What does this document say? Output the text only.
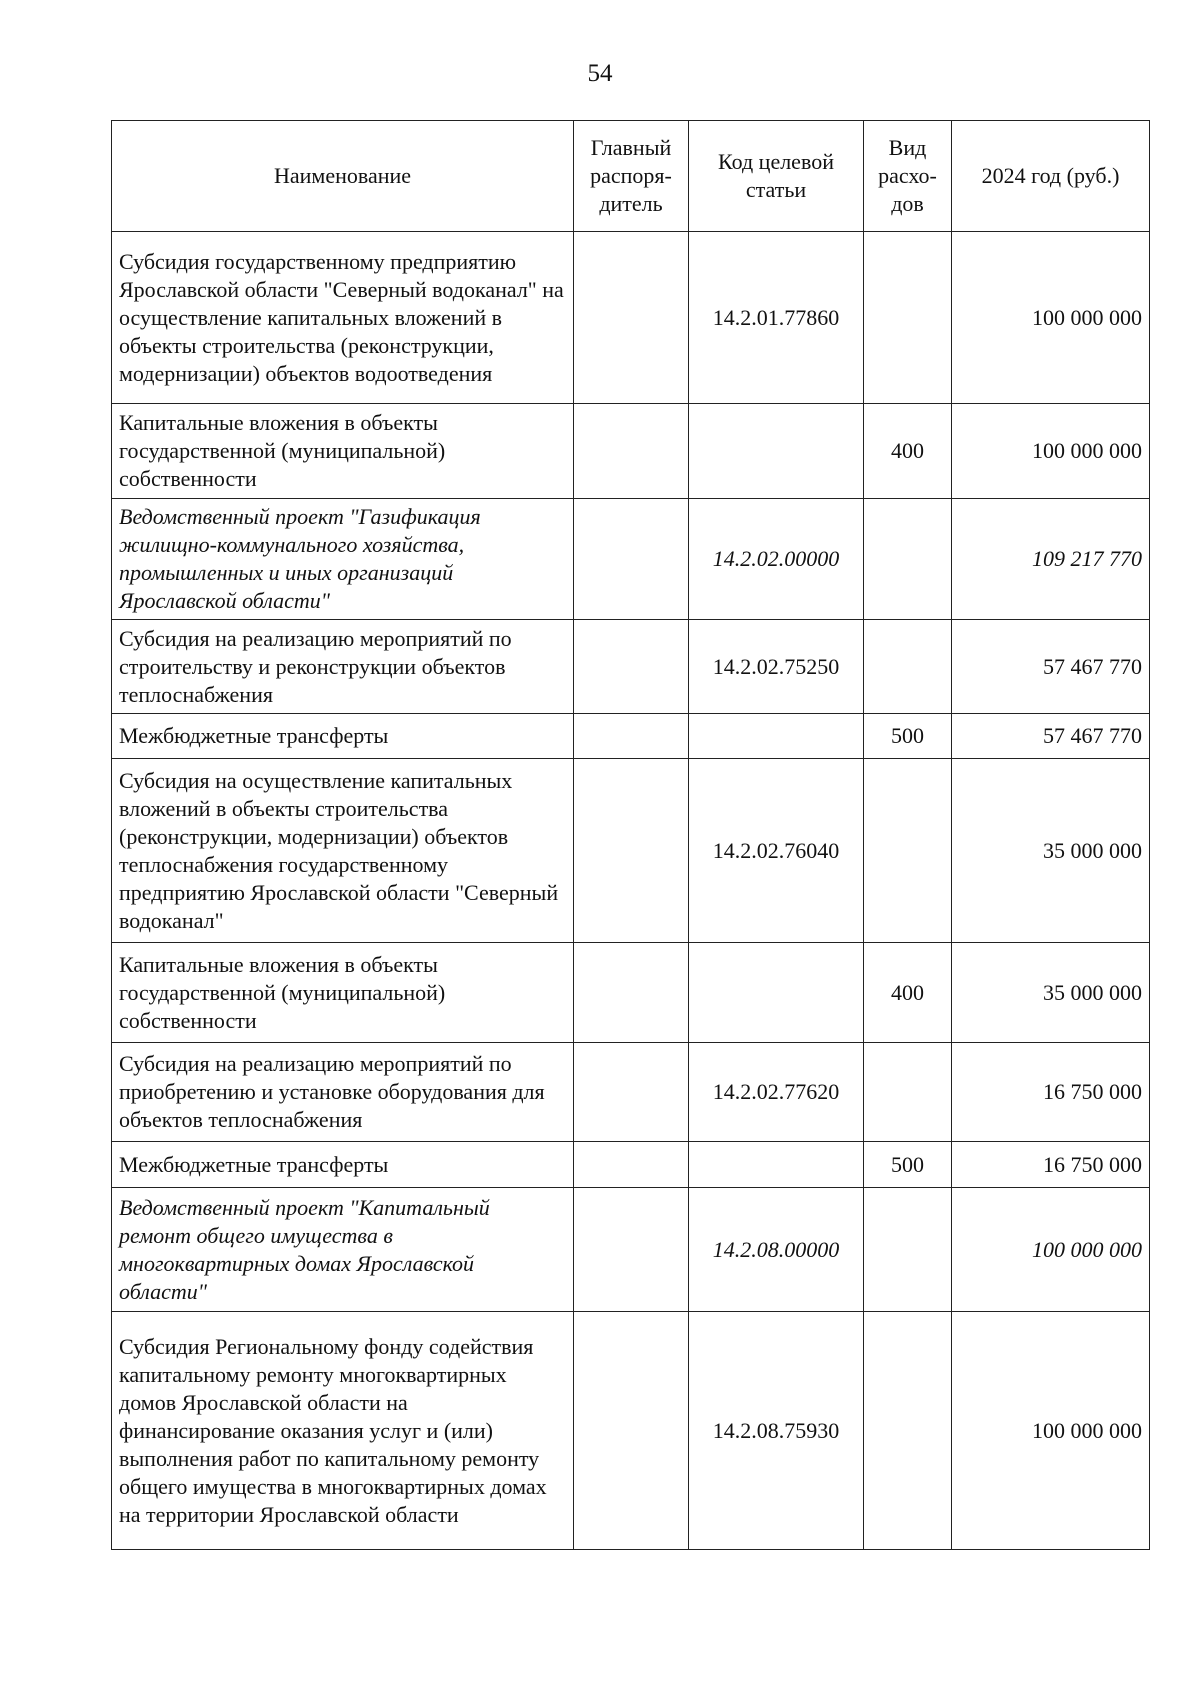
54
Наименование	Главный распоря-дитель	Код целевой статьи	Вид расхо-дов	2024 год (руб.)
Субсидия государственному предприятию Ярославской области "Северный водоканал" на осуществление капитальных вложений в объекты строительства (реконструкции, модернизации) объектов водоотведения		14.2.01.77860		100 000 000
Капитальные вложения в объекты государственной (муниципальной) собственности			400	100 000 000
Ведомственный проект "Газификация жилищно-коммунального хозяйства, промышленных и иных организаций Ярославской области"		14.2.02.00000		109 217 770
Субсидия на реализацию мероприятий по строительству и реконструкции объектов теплоснабжения		14.2.02.75250		57 467 770
Межбюджетные трансферты			500	57 467 770
Субсидия на осуществление капитальных вложений в объекты строительства (реконструкции, модернизации) объектов теплоснабжения государственному предприятию Ярославской области "Северный водоканал"		14.2.02.76040		35 000 000
Капитальные вложения в объекты государственной (муниципальной) собственности			400	35 000 000
Субсидия на реализацию мероприятий по приобретению и установке оборудования для объектов теплоснабжения		14.2.02.77620		16 750 000
Межбюджетные трансферты			500	16 750 000
Ведомственный проект "Капитальный ремонт общего имущества в многоквартирных домах Ярославской области"		14.2.08.00000		100 000 000
Субсидия Региональному фонду содействия капитальному ремонту многоквартирных домов Ярославской области на финансирование оказания услуг и (или) выполнения работ по капитальному ремонту общего имущества в многоквартирных домах на территории Ярославской области		14.2.08.75930		100 000 000
